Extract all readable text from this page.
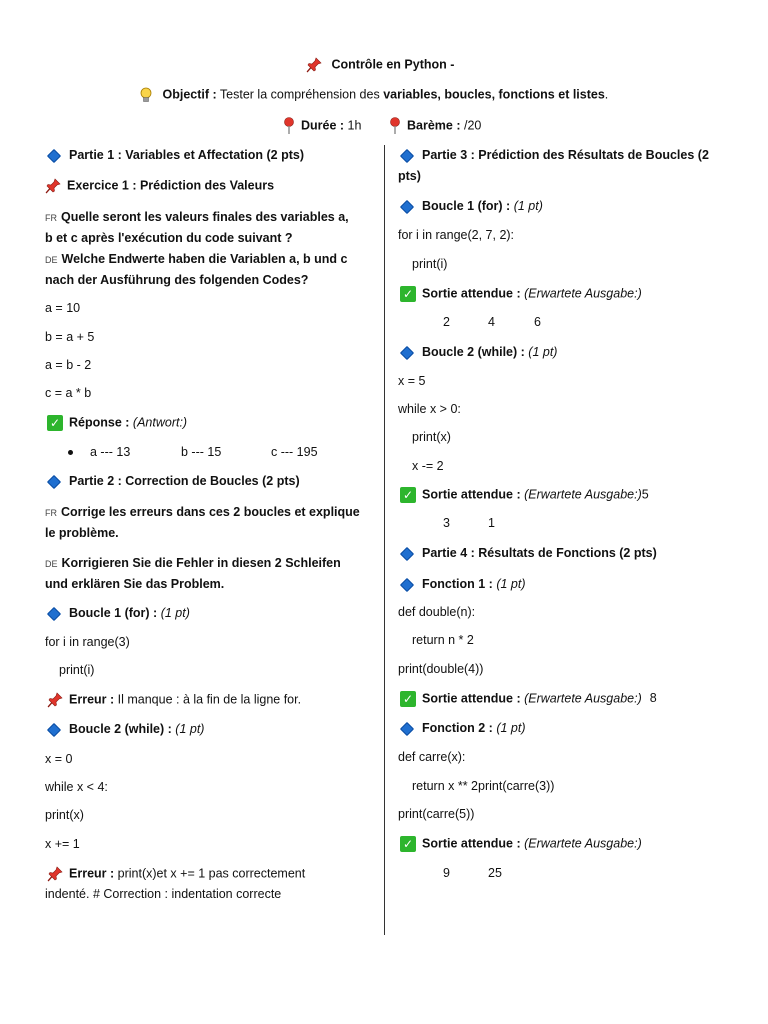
Contrôle en Python -
Objectif : Tester la compréhension des variables, boucles, fonctions et listes.
Durée : 1h	Barème : /20
Partie 1 : Variables et Affectation (2 pts)
Exercice 1 : Prédiction des Valeurs
FR Quelle seront les valeurs finales des variables a,
b et c après l'exécution du code suivant ?
DE Welche Endwerte haben die Variablen a, b und c
nach der Ausführung des folgenden Codes?
a = 10
b = a + 5
a = b - 2
c = a * b
✓ Réponse : (Antwort:)
a --- 13	b --- 15	c --- 195
Partie 2 : Correction de Boucles (2 pts)
FR Corrige les erreurs dans ces 2 boucles et explique
le problème.
DE Korrigieren Sie die Fehler in diesen 2 Schleifen
und erklären Sie das Problem.
Boucle 1 (for) : (1 pt)
for i in range(3)
print(i)
Erreur : Il manque : à la fin de la ligne for.
Boucle 2 (while) : (1 pt)
x = 0
while x < 4:
print(x)
x += 1
Erreur : print(x)et x += 1 pas correctement
indenté. # Correction : indentation correcte
Partie 3 : Prédiction des Résultats de Boucles (2
pts)
Boucle 1 (for) : (1 pt)
for i in range(2, 7, 2):
print(i)
✓ Sortie attendue : (Erwartete Ausgabe:)
2	4	6
Boucle 2 (while) : (1 pt)
x = 5
while x > 0:
print(x)
x -= 2
✓ Sortie attendue : (Erwartete Ausgabe:)5
3	1
Partie 4 : Résultats de Fonctions (2 pts)
Fonction 1 : (1 pt)
def double(n):
return n * 2
print(double(4))
✓ Sortie attendue : (Erwartete Ausgabe:) 8
Fonction 2 : (1 pt)
def carre(x):
return x ** 2print(carre(3))
print(carre(5))
✓ Sortie attendue : (Erwartete Ausgabe:)
9	25
